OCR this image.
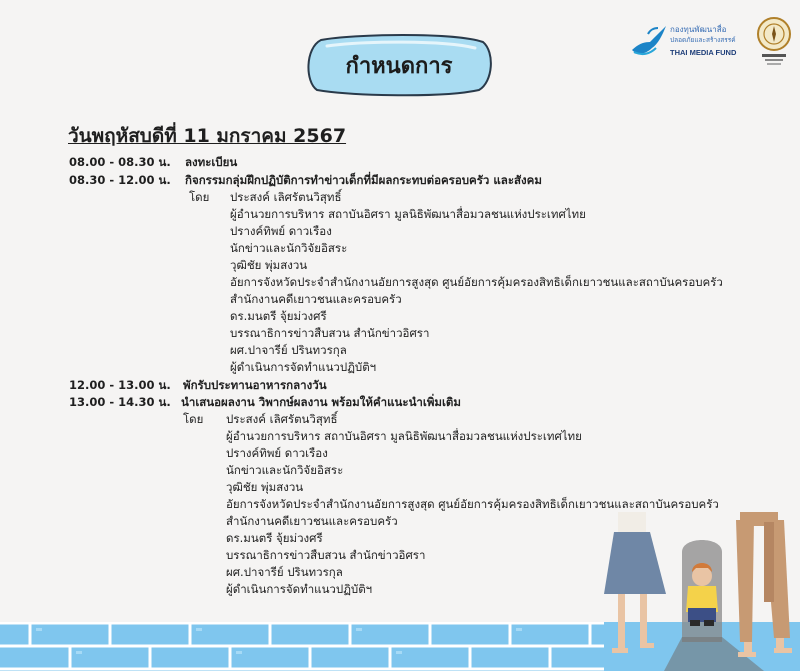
กำหนดการ
กองทุนพัฒนาสื่อ
ปลอดภัยและสร้างสรรค์
THAI MEDIA FUND
วันพฤหัสบดีที่ 11 มกราคม 2567
08.00 - 08.30 น. ลงทะเบียน
08.30 - 12.00 น. กิจกรรมกลุ่มฝึกปฏิบัติการทำข่าวเด็กที่มีผลกระทบต่อครอบครัว และสังคม
โดย ประสงค์ เลิศรัตนวิสุทธิ์
ผู้อำนวยการบริหาร สถาบันอิศรา มูลนิธิพัฒนาสื่อมวลชนแห่งประเทศไทย
ปรางค์ทิพย์ ดาวเรือง
นักข่าวและนักวิจัยอิสระ
วุฒิชัย พุ่มสงวน
อัยการจังหวัดประจำสำนักงานอัยการสูงสุด ศูนย์อัยการคุ้มครองสิทธิเด็กเยาวชนและสถาบันครอบครัว
สำนักงานคดีเยาวชนและครอบครัว
ดร.มนตรี จุ้ยม่วงศรี
บรรณาธิการข่าวสืบสวน สำนักข่าวอิศรา
ผศ.ปาจารีย์ ปรินทวรกุล
ผู้ดำเนินการจัดทำแนวปฏิบัติฯ
12.00 - 13.00 น. พักรับประทานอาหารกลางวัน
13.00 - 14.30 น. นำเสนอผลงาน วิพากษ์ผลงาน พร้อมให้คำแนะนำเพิ่มเติม
โดย ประสงค์ เลิศรัตนวิสุทธิ์
ผู้อำนวยการบริหาร สถาบันอิศรา มูลนิธิพัฒนาสื่อมวลชนแห่งประเทศไทย
ปรางค์ทิพย์ ดาวเรือง
นักข่าวและนักวิจัยอิสระ
วุฒิชัย พุ่มสงวน
อัยการจังหวัดประจำสำนักงานอัยการสูงสุด ศูนย์อัยการคุ้มครองสิทธิเด็กเยาวชนและสถาบันครอบครัว
สำนักงานคดีเยาวชนและครอบครัว
ดร.มนตรี จุ้ยม่วงศรี
บรรณาธิการข่าวสืบสวน สำนักข่าวอิศรา
ผศ.ปาจารีย์ ปรินทวรกุล
ผู้ดำเนินการจัดทำแนวปฏิบัติฯ
